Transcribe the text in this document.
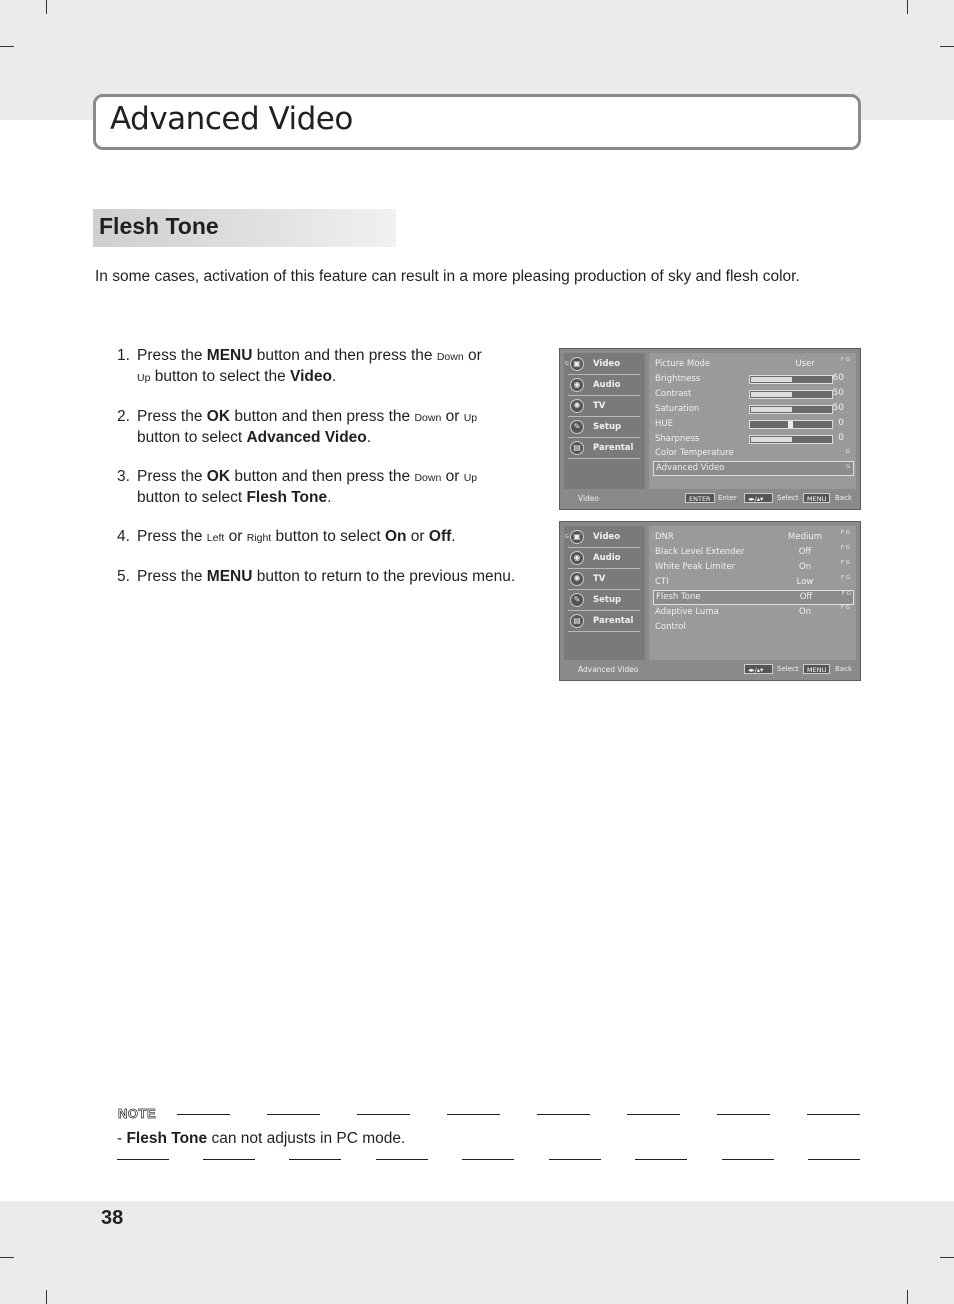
Advanced Video
Flesh Tone
In some cases, activation of this feature can result in a more pleasing production of sky and flesh color.
1. Press the MENU button and then press the Down or
Up button to select the Video.
2. Press the OK button and then press the Down or Up
button to select Advanced Video.
3. Press the OK button and then press the Down or Up
button to select Flesh Tone.
4. Press the Left or Right button to select On or Off.
5. Press the MENU button to return to the previous menu.
G ▣	Video
◉	Audio
✺	TV
✎	Setup
▤	Parental
Picture Mode	User	F G
Brightness	60
Contrast	50
Saturation	50
HUE	0
Sharpness	0
Color Temperature	G
Advanced Video	G
Video	ENTER	Enter	◂▸/▴▾	Select	MENU	Back
G ▣	Video
◉	Audio
✺	TV
✎	Setup
▤	Parental
DNR	Medium	F G
Black Level Extender	Off	F G
White Peak Limiter	On	F G
CTI	Low	F G
Flesh Tone	Off	F G
Adaptive Luma	On	F G
Control
Advanced Video	◂▸/▴▾	Select	MENU	Back
NOTE
- Flesh Tone can not adjusts in PC mode.
38
